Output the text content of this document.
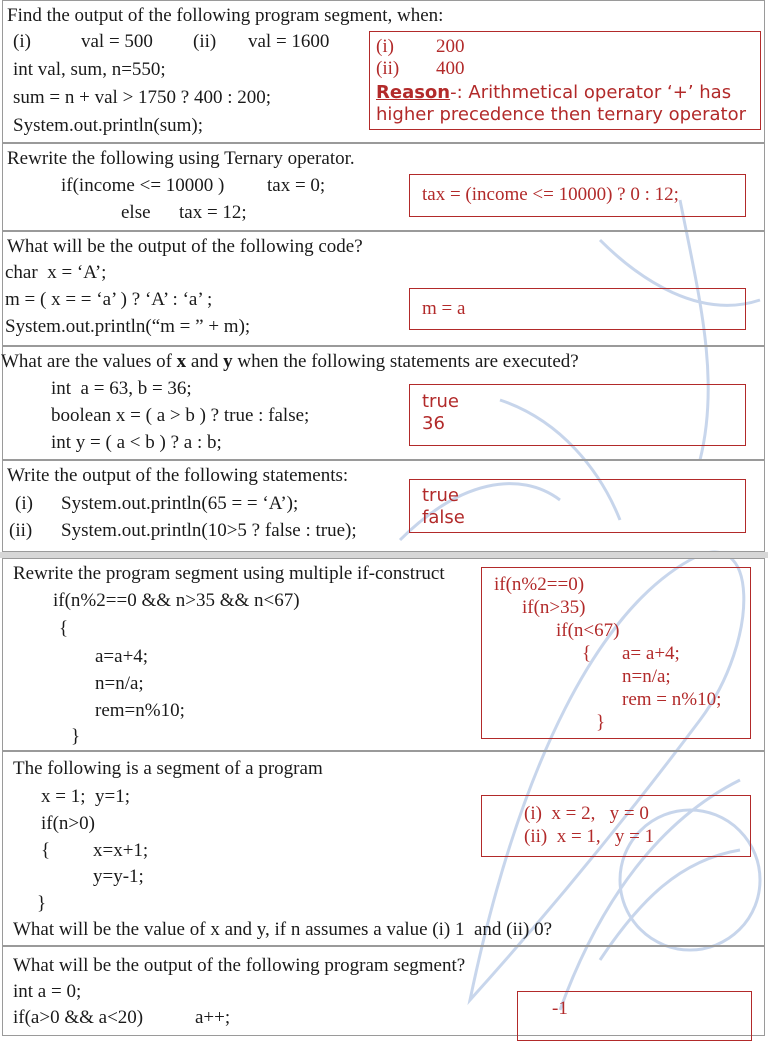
Find the output of the following program segment, when:
(i)	val = 500 (ii) val = 1600
int val, sum, n=550;
sum = n + val > 1750 ? 400 : 200;
System.out.println(sum);
(i) 200
(ii) 400
Reason-: Arithmetical operator ‘+’ has
higher precedence then ternary operator
Rewrite the following using Ternary operator.
if(income <= 10000 ) tax = 0;
else tax = 12;
tax = (income <= 10000) ? 0 : 12;
What will be the output of the following code?
char  x = ‘A’;
m = ( x = = ‘a’ ) ? ‘A’ : ‘a’ ;
System.out.println(“m = ” + m);
m = a
What are the values of x and y when the following statements are executed?
int  a = 63, b = 36;
boolean x = ( a > b ) ? true : false;
int y = ( a < b ) ? a : b;
true
36
Write the output of the following statements:
(i) System.out.println(65 = = ‘A’);
(ii) System.out.println(10>5 ? false : true);
true
false
Rewrite the program segment using multiple if-construct
if(n%2==0 && n>35 && n<67)
{
a=a+4;
n=n/a;
rem=n%10;
}
if(n%2==0)
if(n>35)
if(n<67)
{ a= a+4;
n=n/a;
rem = n%10;
}
The following is a segment of a program
x = 1;  y=1;
if(n>0)
{ x=x+1;
y=y-1;
}
What will be the value of x and y, if n assumes a value (i) 1  and (ii) 0?
(i)  x = 2,   y = 0
(ii)  x = 1,   y = 1
What will be the output of the following program segment?
int a = 0;
if(a>0 && a<20)	a++;	-1
